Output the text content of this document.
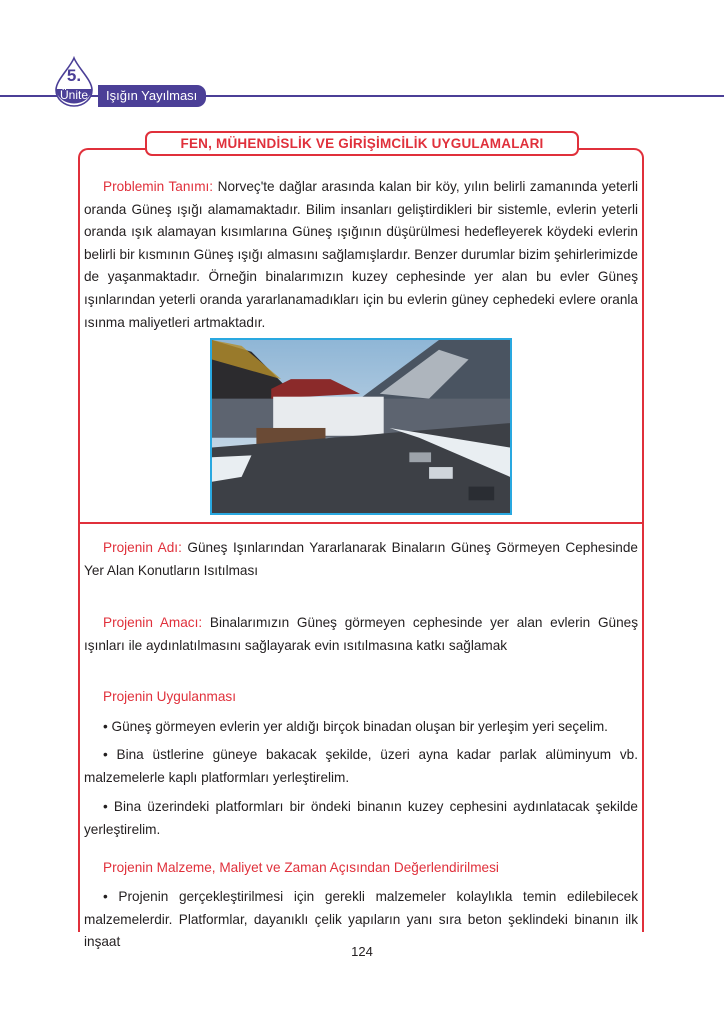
5.
Ünite	Işığın Yayılması
FEN, MÜHENDİSLİK VE GİRİŞİMCİLİK UYGULAMALARI

Problemin Tanımı: Norveç'te dağlar arasında kalan bir köy, yılın belirli zamanında yeterli oranda Güneş ışığı alamamaktadır. Bilim insanları geliştirdikleri bir sistemle, evlerin yeterli oranda ışık alamayan kısımlarına Güneş ışığının düşürülmesi hedefleyerek köydeki evlerin belirli bir kısmının Güneş ışığı almasını sağlamışlardır. Benzer durumlar bizim şehirlerimizde de yaşanmaktadır. Örneğin binalarımızın kuzey cephesinde yer alan bu evler Güneş ışınlarından yeterli oranda yararlanamadıkları için bu evlerin güney cephedeki evlere oranla ısınma maliyetleri artmaktadır.

Projenin Adı: Güneş Işınlarından Yararlanarak Binaların Güneş Görmeyen Cephesinde Yer Alan Konutların Isıtılması

Projenin Amacı: Binalarımızın Güneş görmeyen cephesinde yer alan evlerin Güneş ışınları ile aydınlatılmasını sağlayarak evin ısıtılmasına katkı sağlamak

Projenin Uygulanması

• Güneş görmeyen evlerin yer aldığı birçok binadan oluşan bir yerleşim yeri seçelim.

• Bina üstlerine güneye bakacak şekilde, üzeri ayna kadar parlak alüminyum vb. malzemelerle kaplı platformları yerleştirelim.

• Bina üzerindeki platformları bir öndeki binanın kuzey cephesini aydınlatacak şekilde yerleştirelim.

Projenin Malzeme, Maliyet ve Zaman Açısından Değerlendirilmesi

• Projenin gerçekleştirilmesi için gerekli malzemeler kolaylıkla temin edilebilecek malzemelerdir. Platformlar, dayanıklı çelik yapıların yanı sıra beton şeklindeki binanın ilk inşaat

124
